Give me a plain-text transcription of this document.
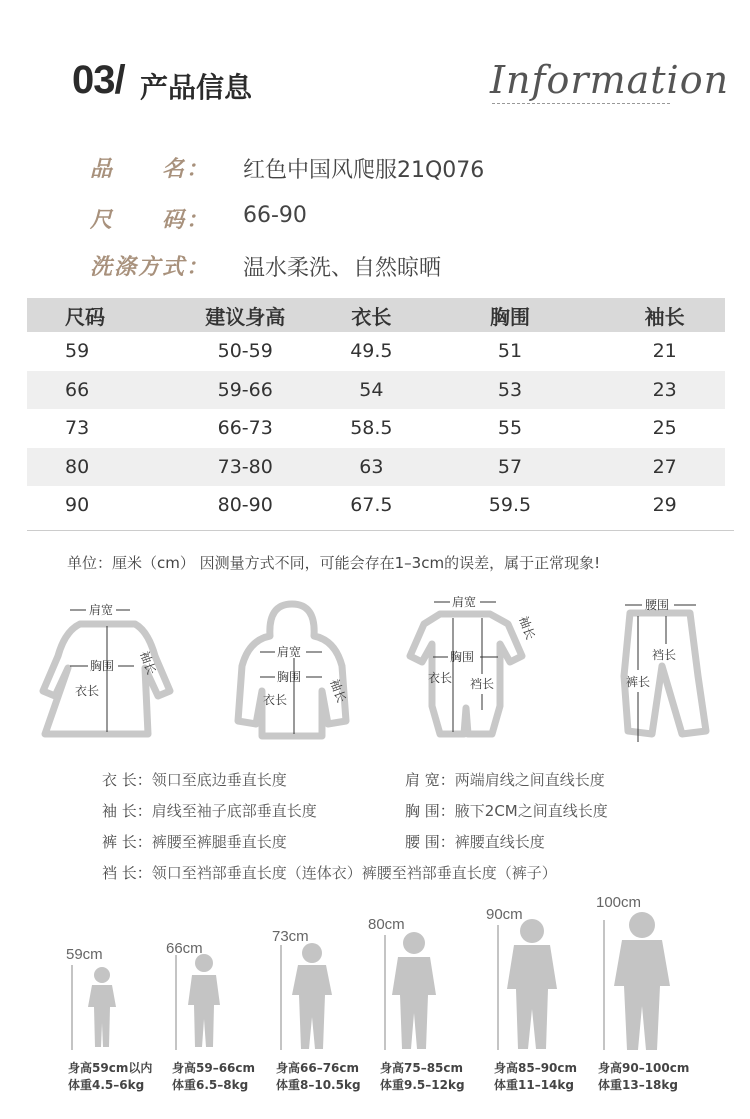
03/ 产品信息	Information
品　　名： 红色中国风爬服21Q076
尺　　码： 66-90
洗涤方式： 温水柔洗、自然晾晒
尺码	建议身高	衣长	胸围	袖长
59	50-59	49.5	51	21
66	59-66	54	53	23
73	66-73	58.5	55	25
80	73-80	63	57	27
90	80-90	67.5	59.5	29
单位：厘米（cm） 因测量方式不同，可能会存在1–3cm的误差，属于正常现象!
肩宽
胸围
衣长
袖长	肩宽
胸围
衣长	袖长
肩宽
袖长
胸围
衣长 裆长
腰围
裆长
裤长
衣 长：领口至底边垂直长度	肩 宽：两端肩线之间直线长度
袖 长：肩线至袖子底部垂直长度	胸 围：腋下2CM之间直线长度
裤 长：裤腰至裤腿垂直长度	腰 围：裤腰直线长度
裆 长：领口至裆部垂直长度（连体衣）裤腰至裆部垂直长度（裤子）
59cm	66cm
73cm
80cm
90cm
100cm
身高59cm以内
体重4.5–6kg
身高59–66cm
体重6.5–8kg
身高66–76cm
体重8–10.5kg
身高75–85cm
体重9.5–12kg
身高85–90cm
体重11–14kg
身高90–100cm
体重13–18kg
